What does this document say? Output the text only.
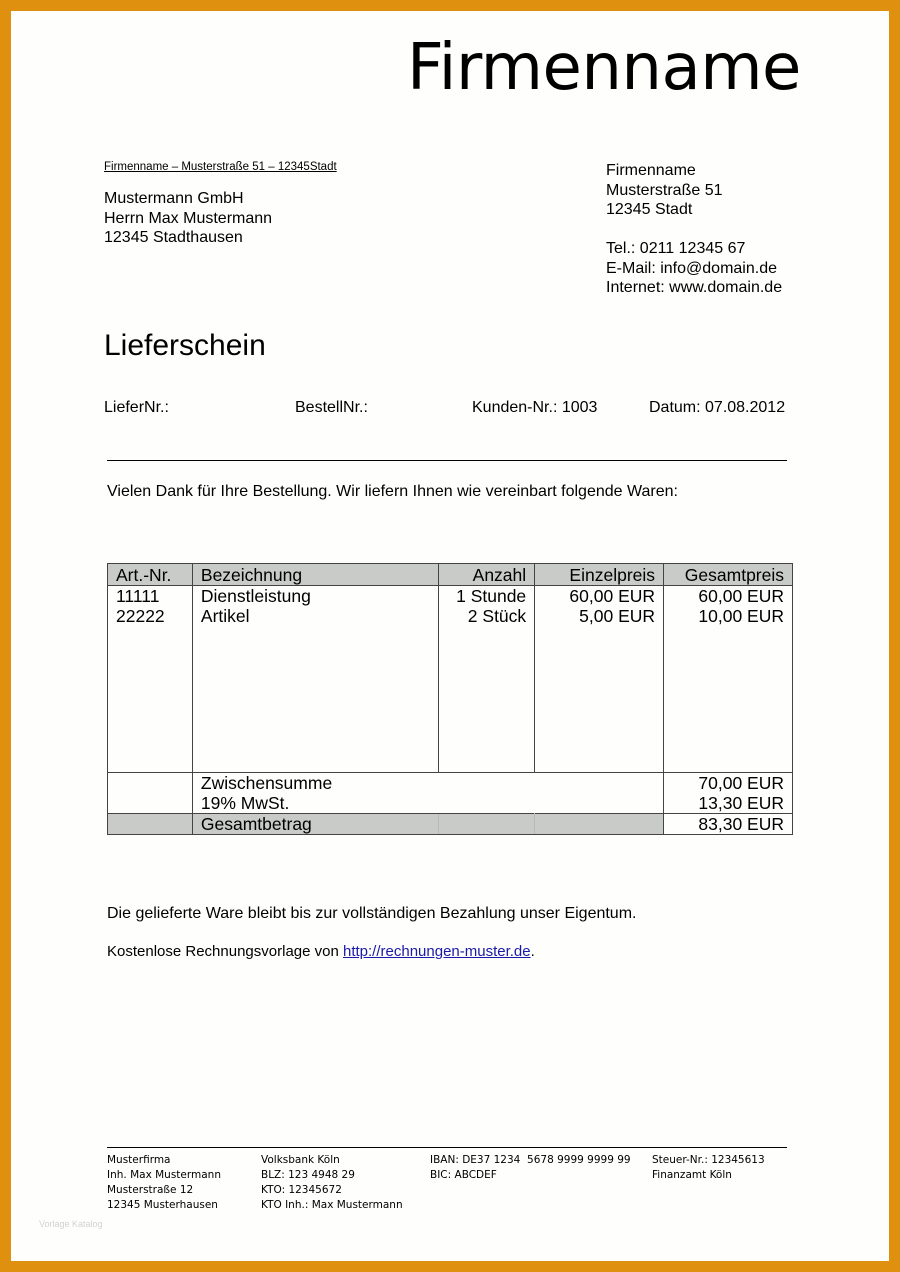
Firmenname
Firmenname – Musterstraße 51 – 12345Stadt
Mustermann GmbH
Herrn Max Mustermann
12345 Stadthausen
Firmenname
Musterstraße 51
12345 Stadt
Tel.: 0211 12345 67
E-Mail: info@domain.de
Internet: www.domain.de
Lieferschein
LieferNr.:	BestellNr.:	Kunden-Nr.: 1003	Datum: 07.08.2012
Vielen Dank für Ihre Bestellung. Wir liefern Ihnen wie vereinbart folgende Waren:
Art.-Nr.	Bezeichnung	Anzahl	Einzelpreis	Gesamtpreis
11111	Dienstleistung	1 Stunde	60,00 EUR	60,00 EUR
22222	Artikel	2 Stück	5,00 EUR	10,00 EUR

	Zwischensumme			70,00 EUR
	19% MwSt.			13,30 EUR
	Gesamtbetrag			83,30 EUR
Die gelieferte Ware bleibt bis zur vollständigen Bezahlung unser Eigentum.
Kostenlose Rechnungsvorlage von http://rechnungen-muster.de.
Musterfirma
Inh. Max Mustermann
Musterstraße 12
12345 Musterhausen
Volksbank Köln
BLZ: 123 4948 29
KTO: 12345672
KTO Inh.: Max Mustermann
IBAN: DE37 1234  5678 9999 9999 99
BIC: ABCDEF
Steuer-Nr.: 12345613
Finanzamt Köln
Vorlage Katalog
